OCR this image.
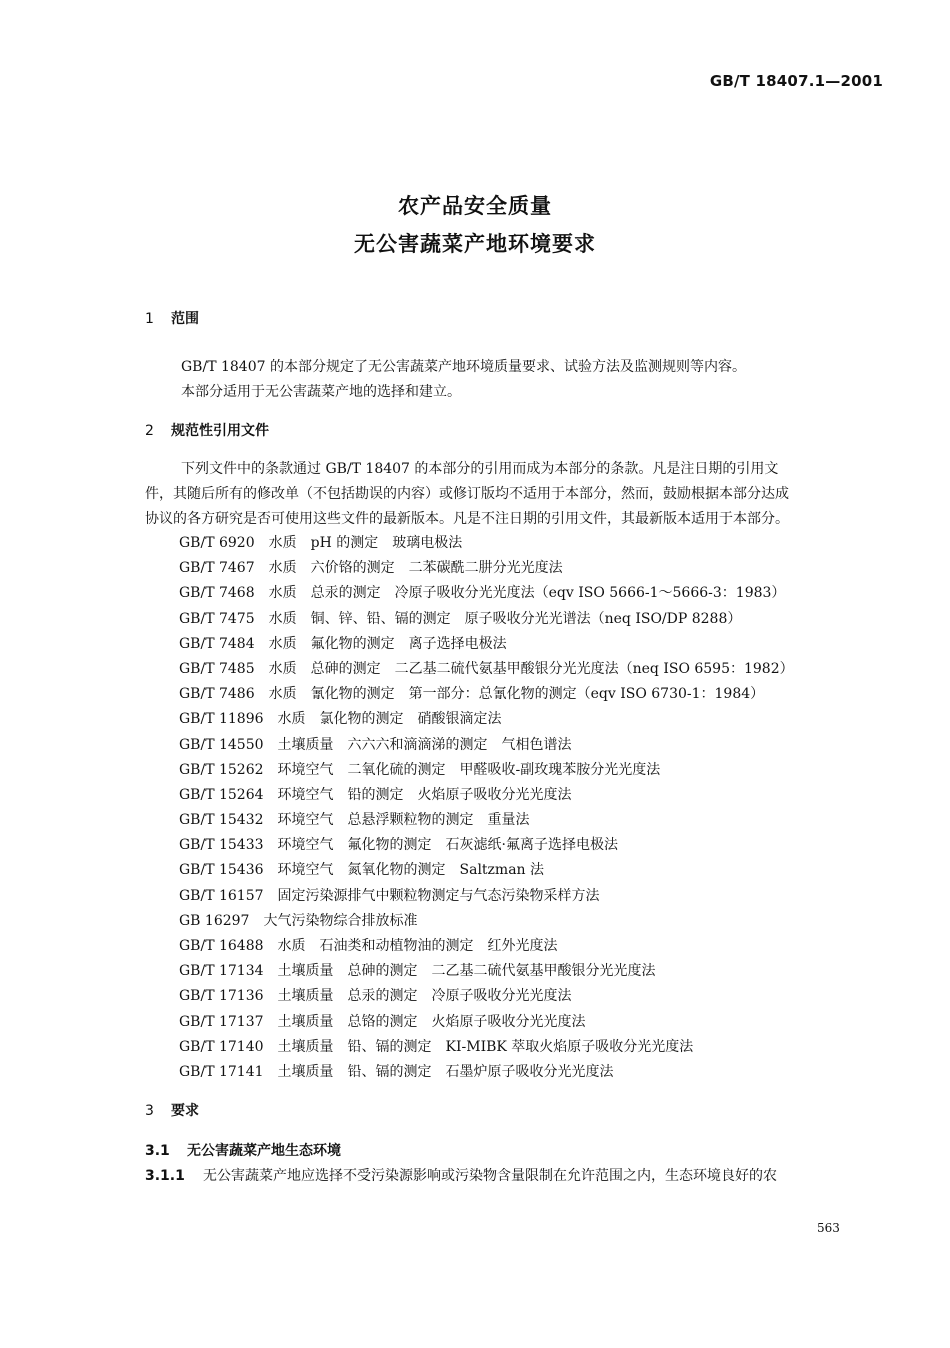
GB/T 18407.1—2001
农产品安全质量
无公害蔬菜产地环境要求
1 范围
GB/T 18407 的本部分规定了无公害蔬菜产地环境质量要求、试验方法及监测规则等内容。
本部分适用于无公害蔬菜产地的选择和建立。
2 规范性引用文件
下列文件中的条款通过 GB/T 18407 的本部分的引用而成为本部分的条款。凡是注日期的引用文
件，其随后所有的修改单（不包括勘误的内容）或修订版均不适用于本部分，然而，鼓励根据本部分达成
协议的各方研究是否可使用这些文件的最新版本。凡是不注日期的引用文件，其最新版本适用于本部分。
GB/T 6920　水质　pH 的测定　玻璃电极法
GB/T 7467　水质　六价铬的测定　二苯碳酰二肼分光光度法
GB/T 7468　水质　总汞的测定　冷原子吸收分光光度法（eqv ISO 5666-1～5666-3：1983）
GB/T 7475　水质　铜、锌、铅、镉的测定　原子吸收分光光谱法（neq ISO/DP 8288）
GB/T 7484　水质　氟化物的测定　离子选择电极法
GB/T 7485　水质　总砷的测定　二乙基二硫代氨基甲酸银分光光度法（neq ISO 6595：1982）
GB/T 7486　水质　氰化物的测定　第一部分：总氰化物的测定（eqv ISO 6730-1：1984）
GB/T 11896　水质　氯化物的测定　硝酸银滴定法
GB/T 14550　土壤质量　六六六和滴滴涕的测定　气相色谱法
GB/T 15262　环境空气　二氧化硫的测定　甲醛吸收-副玫瑰苯胺分光光度法
GB/T 15264　环境空气　铅的测定　火焰原子吸收分光光度法
GB/T 15432　环境空气　总悬浮颗粒物的测定　重量法
GB/T 15433　环境空气　氟化物的测定　石灰滤纸·氟离子选择电极法
GB/T 15436　环境空气　氮氧化物的测定　Saltzman 法
GB/T 16157　固定污染源排气中颗粒物测定与气态污染物采样方法
GB 16297　大气污染物综合排放标准
GB/T 16488　水质　石油类和动植物油的测定　红外光度法
GB/T 17134　土壤质量　总砷的测定　二乙基二硫代氨基甲酸银分光光度法
GB/T 17136　土壤质量　总汞的测定　冷原子吸收分光光度法
GB/T 17137　土壤质量　总铬的测定　火焰原子吸收分光光度法
GB/T 17140　土壤质量　铅、镉的测定　KI-MIBK 萃取火焰原子吸收分光光度法
GB/T 17141　土壤质量　铅、镉的测定　石墨炉原子吸收分光光度法
3 要求
3.1 无公害蔬菜产地生态环境
3.1.1 无公害蔬菜产地应选择不受污染源影响或污染物含量限制在允许范围之内，生态环境良好的农
563
